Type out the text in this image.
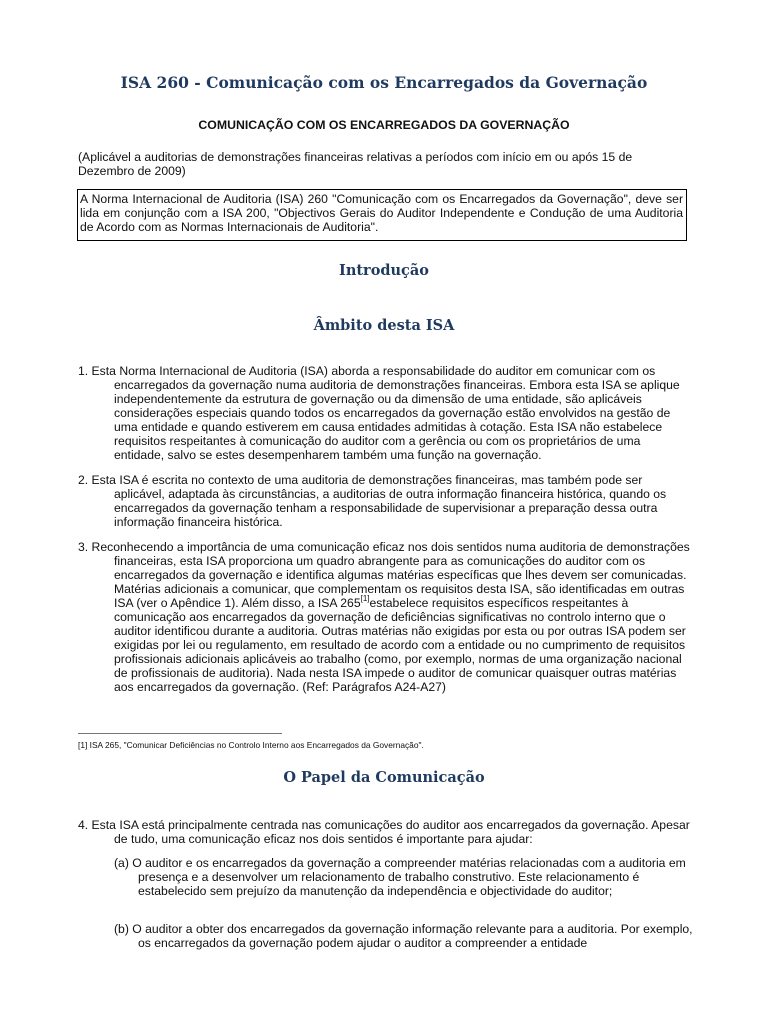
ISA 260 - Comunicação com os Encarregados da Governação
COMUNICAÇÃO COM OS ENCARREGADOS DA GOVERNAÇÃO
(Aplicável a auditorias de demonstrações financeiras relativas a períodos com início em ou após 15 de Dezembro de 2009)
A Norma Internacional de Auditoria (ISA) 260 "Comunicação com os Encarregados da Governação", deve ser lida em conjunção com a ISA 200, "Objectivos Gerais do Auditor Independente e Condução de uma Auditoria de Acordo com as Normas Internacionais de Auditoria".
Introdução
Âmbito desta ISA
1. Esta Norma Internacional de Auditoria (ISA) aborda a responsabilidade do auditor em comunicar com os encarregados da governação numa auditoria de demonstrações financeiras. Embora esta ISA se aplique independentemente da estrutura de governação ou da dimensão de uma entidade, são aplicáveis considerações especiais quando todos os encarregados da governação estão envolvidos na gestão de uma entidade e quando estiverem em causa entidades admitidas à cotação. Esta ISA não estabelece requisitos respeitantes à comunicação do auditor com a gerência ou com os proprietários de uma entidade, salvo se estes desempenharem também uma função na governação.
2. Esta ISA é escrita no contexto de uma auditoria de demonstrações financeiras, mas também pode ser aplicável, adaptada às circunstâncias, a auditorias de outra informação financeira histórica, quando os encarregados da governação tenham a responsabilidade de supervisionar a preparação dessa outra informação financeira histórica.
3. Reconhecendo a importância de uma comunicação eficaz nos dois sentidos numa auditoria de demonstrações financeiras, esta ISA proporciona um quadro abrangente para as comunicações do auditor com os encarregados da governação e identifica algumas matérias específicas que lhes devem ser comunicadas. Matérias adicionais a comunicar, que complementam os requisitos desta ISA, são identificadas em outras ISA (ver o Apêndice 1). Além disso, a ISA 265[1]estabelece requisitos específicos respeitantes à comunicação aos encarregados da governação de deficiências significativas no controlo interno que o auditor identificou durante a auditoria. Outras matérias não exigidas por esta ou por outras ISA podem ser exigidas por lei ou regulamento, em resultado de acordo com a entidade ou no cumprimento de requisitos profissionais adicionais aplicáveis ao trabalho (como, por exemplo, normas de uma organização nacional de profissionais de auditoria). Nada nesta ISA impede o auditor de comunicar quaisquer outras matérias aos encarregados da governação. (Ref: Parágrafos A24-A27)
[1] ISA 265, "Comunicar Deficiências no Controlo Interno aos Encarregados da Governação".
O Papel da Comunicação
4. Esta ISA está principalmente centrada nas comunicações do auditor aos encarregados da governação. Apesar de tudo, uma comunicação eficaz nos dois sentidos é importante para ajudar:
(a) O auditor e os encarregados da governação a compreender matérias relacionadas com a auditoria em presença e a desenvolver um relacionamento de trabalho construtivo. Este relacionamento é estabelecido sem prejuízo da manutenção da independência e objectividade do auditor;
(b) O auditor a obter dos encarregados da governação informação relevante para a auditoria. Por exemplo, os encarregados da governação podem ajudar o auditor a compreender a entidade
